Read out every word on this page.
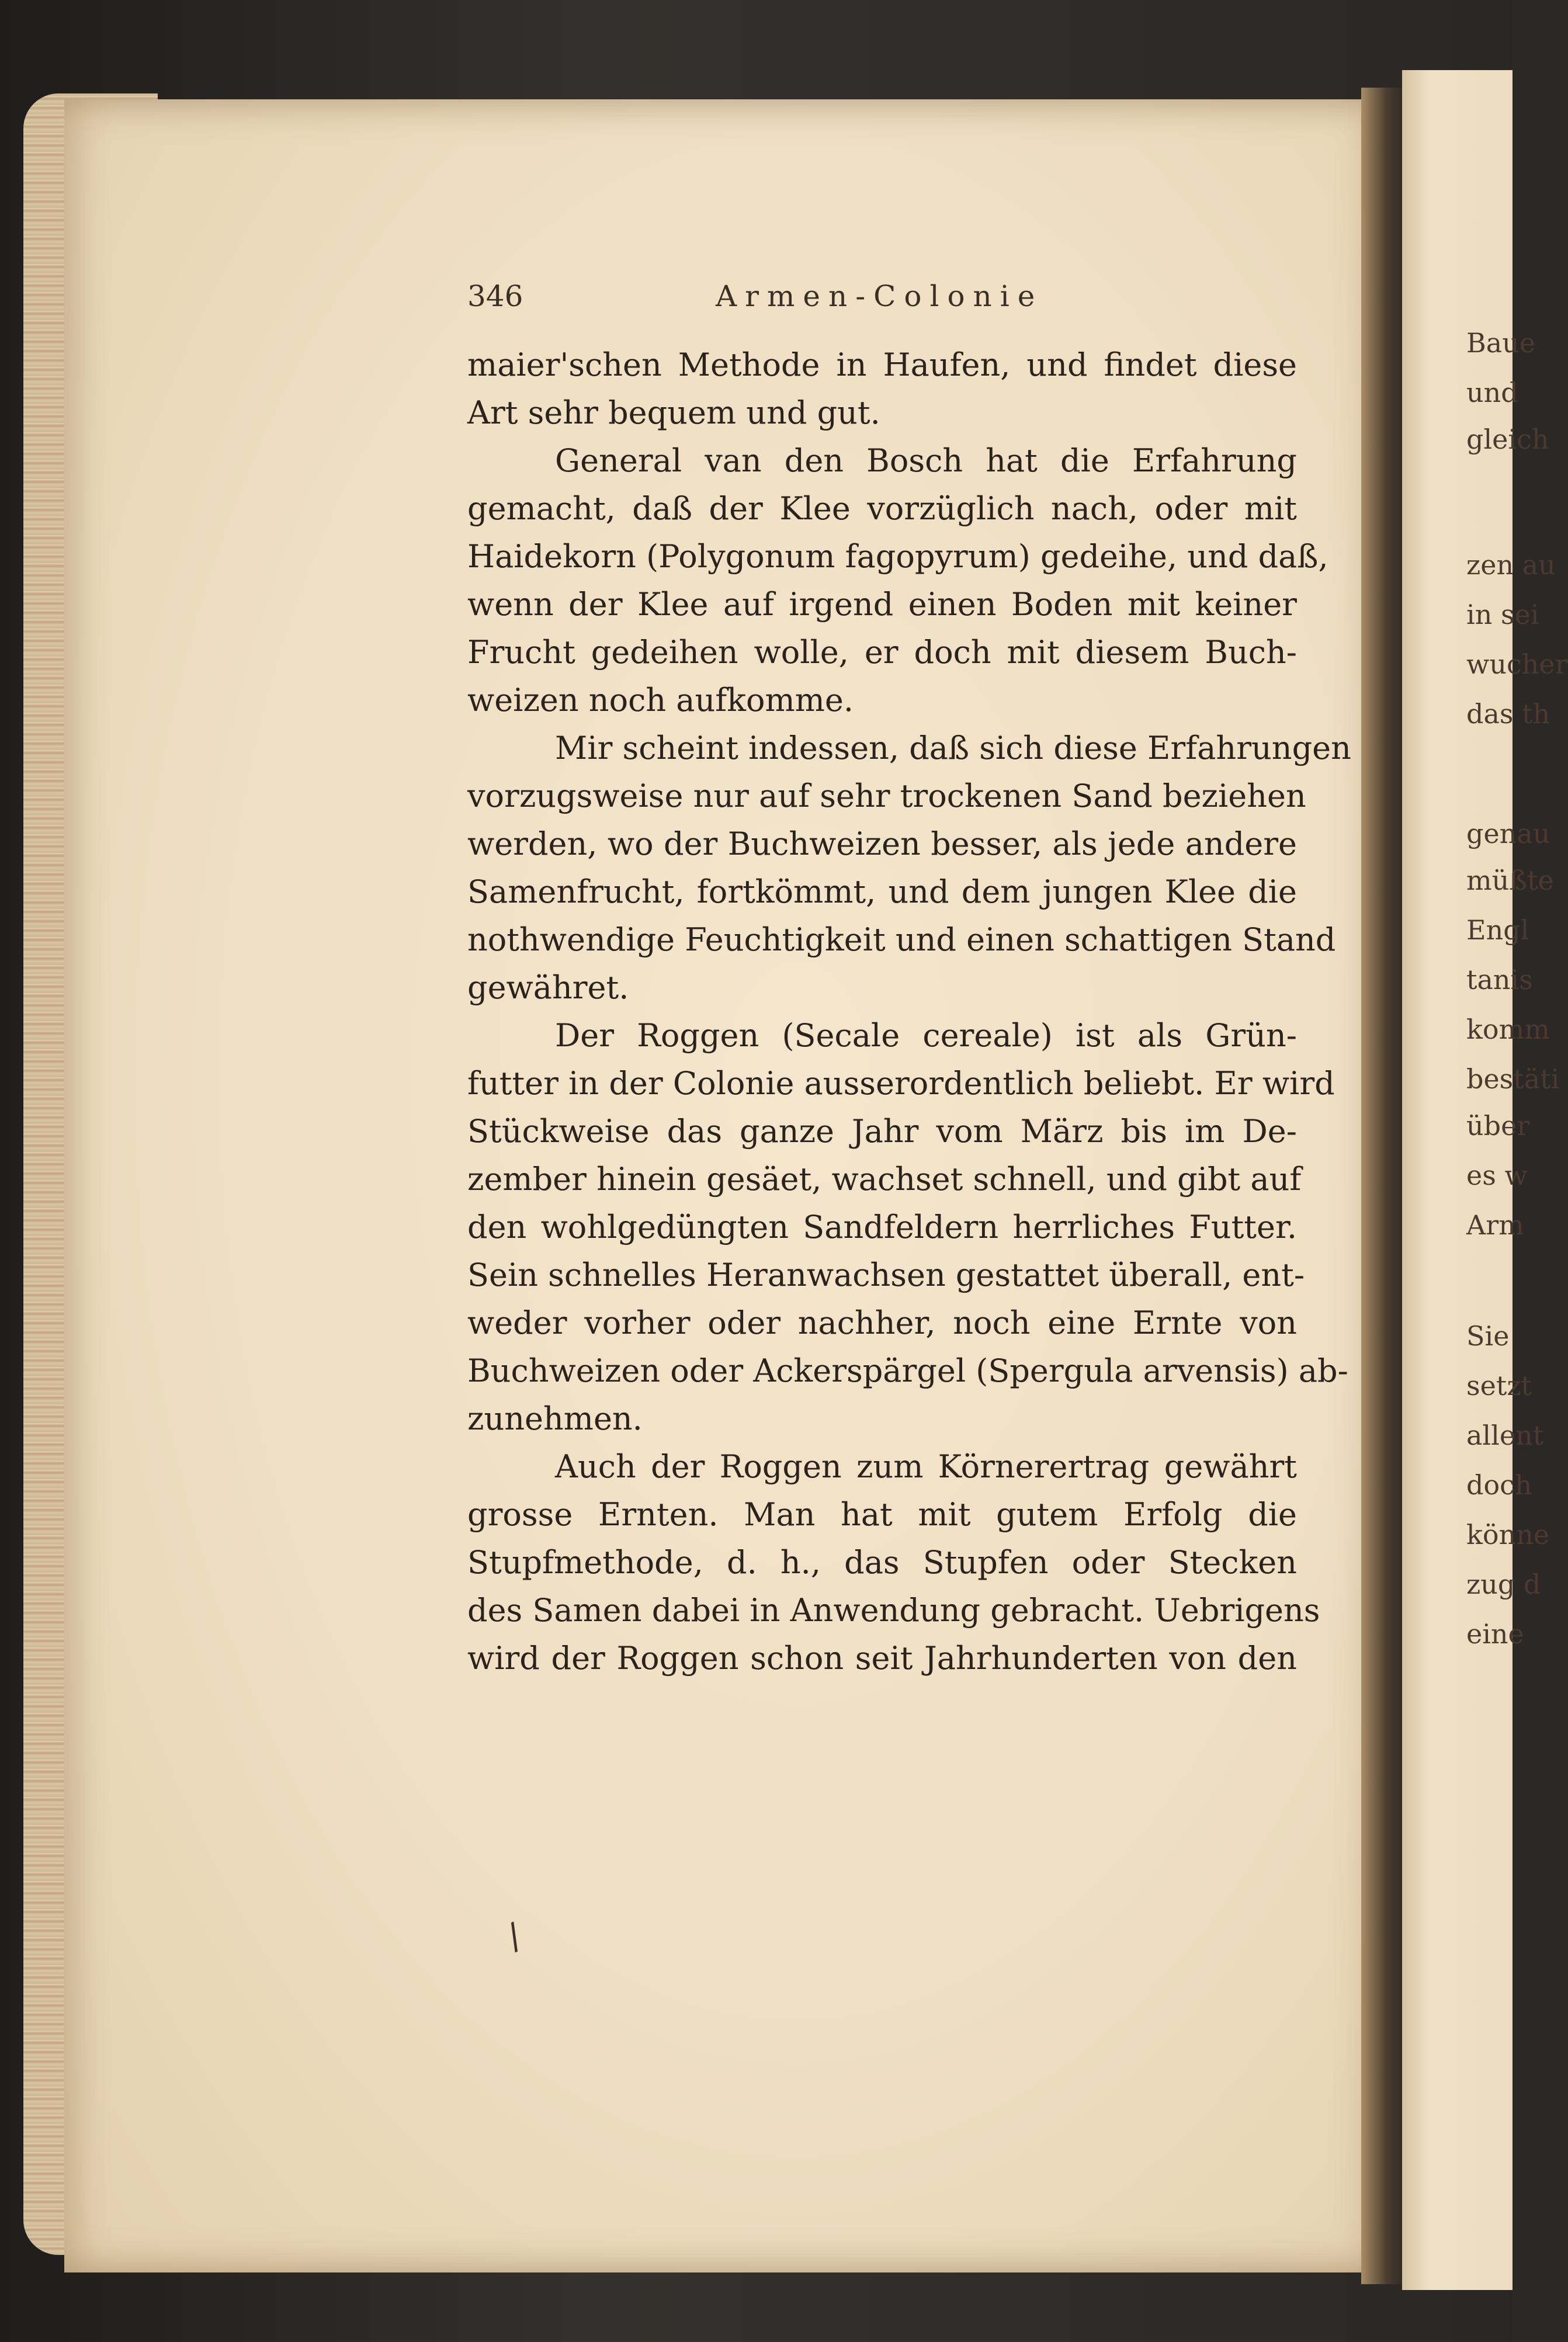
346	Armen-Colonie
maier'schen Methode in Haufen, und findet diese
Art sehr bequem und gut.
General van den Bosch hat die Erfahrung
gemacht, daß der Klee vorzüglich nach, oder mit
Haidekorn (Polygonum fagopyrum) gedeihe, und daß,
wenn der Klee auf irgend einen Boden mit keiner
Frucht gedeihen wolle, er doch mit diesem Buch-
weizen noch aufkomme.
Mir scheint indessen, daß sich diese Erfahrungen
vorzugsweise nur auf sehr trockenen Sand beziehen
werden, wo der Buchweizen besser, als jede andere
Samenfrucht, fortkömmt, und dem jungen Klee die
nothwendige Feuchtigkeit und einen schattigen Stand
gewähret.
Der Roggen (Secale cereale) ist als Grün-
futter in der Colonie ausserordentlich beliebt. Er wird
Stückweise das ganze Jahr vom März bis im De-
zember hinein gesäet, wachset schnell, und gibt auf
den wohlgedüngten Sandfeldern herrliches Futter.
Sein schnelles Heranwachsen gestattet überall, ent-
weder vorher oder nachher, noch eine Ernte von
Buchweizen oder Ackerspärgel (Spergula arvensis) ab-
zunehmen.
Auch der Roggen zum Körnerertrag gewährt
grosse Ernten. Man hat mit gutem Erfolg die
Stupfmethode, d. h., das Stupfen oder Stecken
des Samen dabei in Anwendung gebracht. Uebrigens
wird der Roggen schon seit Jahrhunderten von den
/
Baue
und
gleich
zen au
in sei
wucher
das th
genau
müßte
Engl
tanis
komm
bestäti
über
es w
Arm
Sie
setzt
allent
doch
könne
zug d
eine
